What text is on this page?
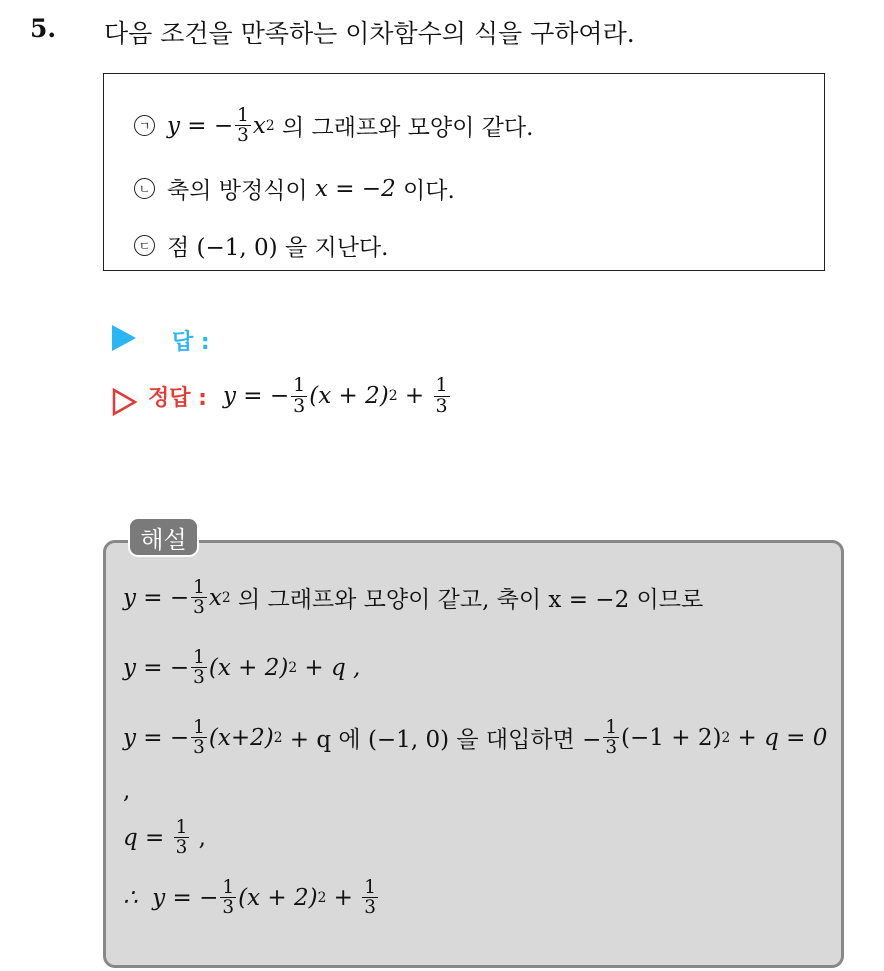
5. 다음 조건을 만족하는 이차함수의 식을 구하여라.
ㄱ y = − $\frac{1}{3}$ x 2 의 그래프와 모양이 같다.
ㄴ 축의 방정식이 x = −2 이다.
ㄷ 점 (−1, 0) 을 지난다.
답 :
정답 : y = − $\frac{1}{3} (x + 2) 2 + \frac{1}{3}$
해설
y = − $\frac{1}{3}$ x 2 의 그래프와 모양이 같고, 축이 x = −2 이므로
y = − $\frac{1}{3} (x + 2) 2 + q$ ,
y = − $\frac{1}{3} (x+2) 2 + q$ 에 (−1, 0) 을 대입하면 − $\frac{1}{3} (-1 + 2) 2 + q = 0$
,
$q = \frac{1}{3}$ ,
∴  y = − $\frac{1}{3} (x + 2) 2 + \frac{1}{3}$
